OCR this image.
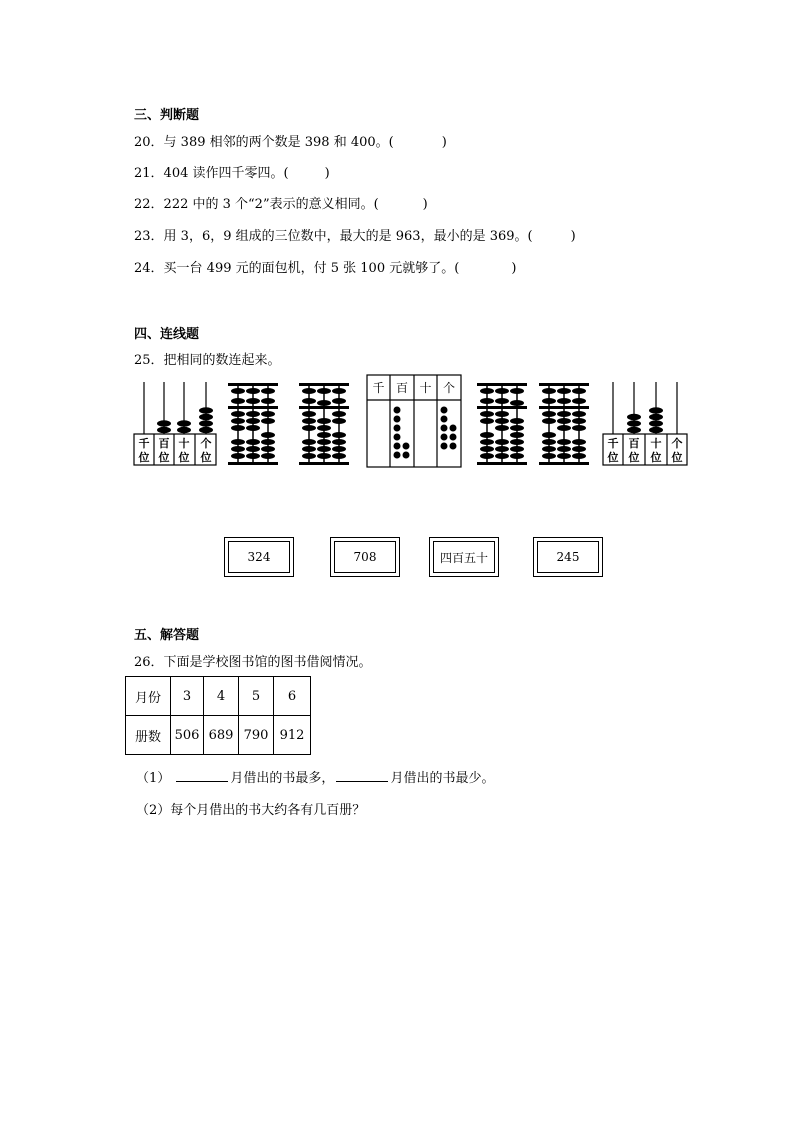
三、判断题
20．与 389 相邻的两个数是 398 和 400。(	)
21．404 读作四千零四。(	)
22．222 中的 3 个“2”表示的意义相同。(	)
23．用 3，6，9 组成的三位数中，最大的是 963，最小的是 369。(	)
24．买一台 499 元的面包机，付 5 张 100 元就够了。(	)
四、连线题
25．把相同的数连起来。
千
位
百
位
十
位
个
位
千 百 十 个
千
位
百
位
十
位
个
位
324	708	四百五十	245
五、解答题
26．下面是学校图书馆的图书借阅情况。
月份	3	4	5	6
册数	506	689	790	912
（1）	月借出的书最多，	月借出的书最少。
（2）每个月借出的书大约各有几百册？
